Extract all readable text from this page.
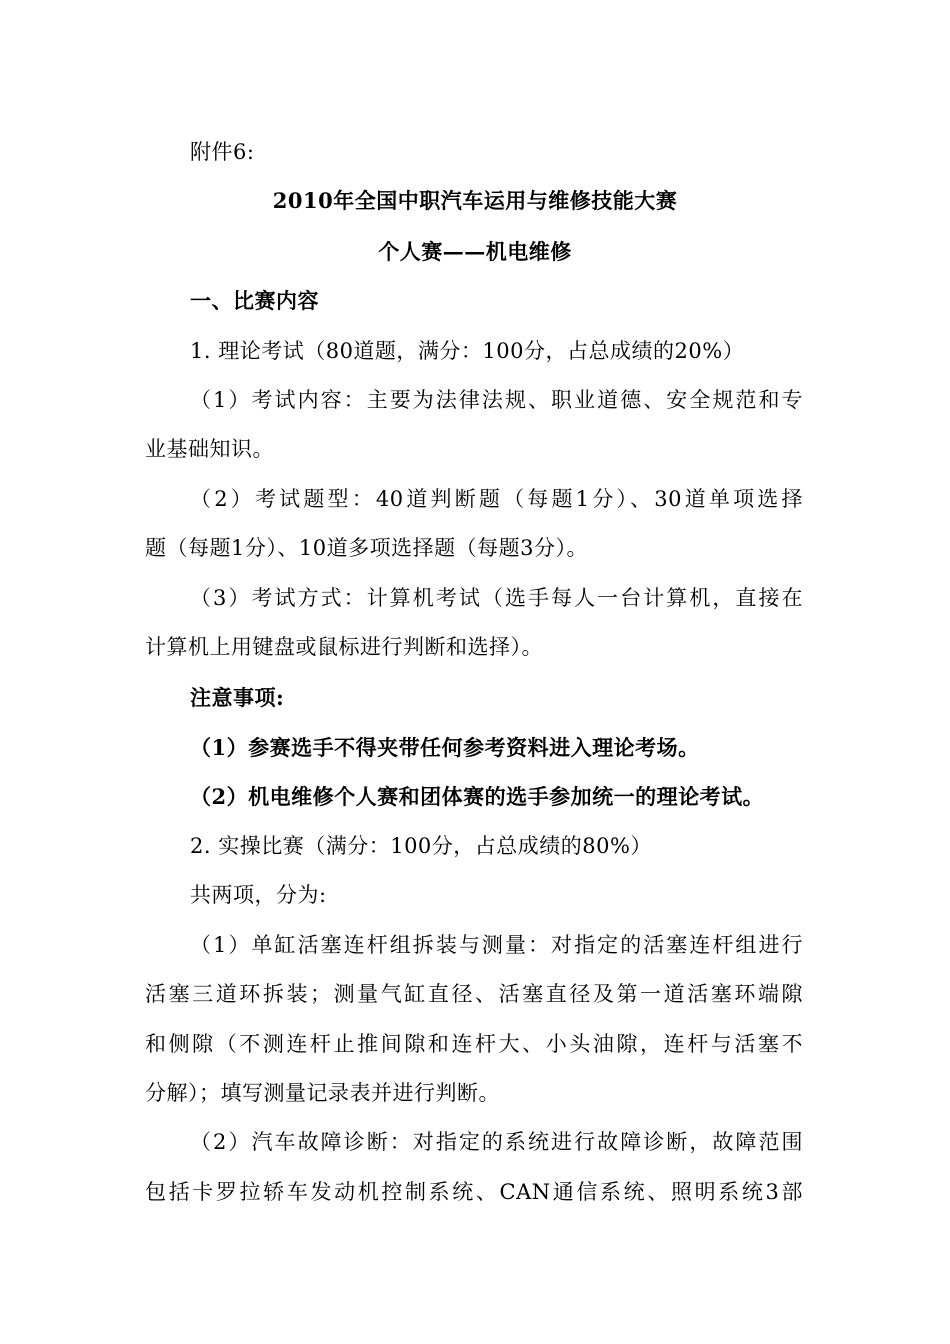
附件6:
2010年全国中职汽车运用与维修技能大赛
个人赛——机电维修
一、比赛内容
1. 理论考试（80道题，满分：100分，占总成绩的20%）
（1）考试内容：主要为法律法规、职业道德、安全规范和专
业基础知识。
（2）考试题型：40道判断题（每题1分）、30道单项选择
题（每题1分）、10道多项选择题（每题3分）。
（3）考试方式：计算机考试（选手每人一台计算机，直接在
计算机上用键盘或鼠标进行判断和选择）。
注意事项:
（1）参赛选手不得夹带任何参考资料进入理论考场。
（2）机电维修个人赛和团体赛的选手参加统一的理论考试。
2. 实操比赛（满分：100分，占总成绩的80%）
共两项，分为:
（1）单缸活塞连杆组拆装与测量：对指定的活塞连杆组进行
活塞三道环拆装；测量气缸直径、活塞直径及第一道活塞环端隙
和侧隙（不测连杆止推间隙和连杆大、小头油隙，连杆与活塞不
分解）；填写测量记录表并进行判断。
（2）汽车故障诊断：对指定的系统进行故障诊断，故障范围
包括卡罗拉轿车发动机控制系统、CAN通信系统、照明系统3部
